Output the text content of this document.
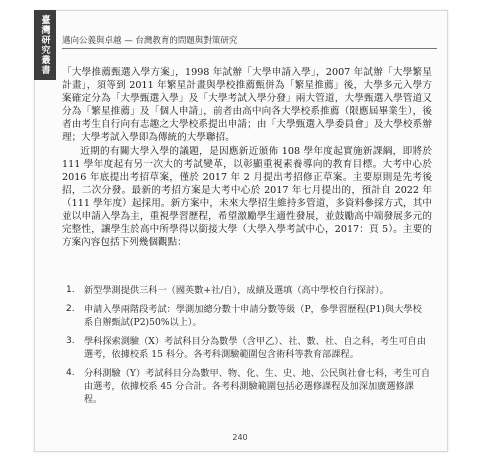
臺灣研究叢書 邁向公義與卓越 — 台灣教育的問題與對策研究

「大學推薦甄選入學方案」，1998 年試辦「大學申請入學」，2007 年試辦「大學繁星計畫」，須等到 2011 年繁星計畫與學校推薦甄併為「繁星推薦」後，大學多元入學方案確定分為「大學甄選入學」及「大學考試入學分發」兩大管道，大學甄選入學管道又分為「繁星推薦」及「個人申請」，前者由高中向各大學校系推薦（限應屆畢業生），後者由考生自行向有志趣之大學校系提出申請；由「大學甄選入學委員會」及大學校系辦理；大學考試入學即為傳統的大學聯招。

近期的有關大學入學的議題，是因應新近頒佈 108 學年度起實施新課綱，即將於 111 學年度起有另一次大的考試變革，以彰顯重視素養導向的教育目標。大考中心於 2016 年底提出考招草案，僅於 2017 年 2 月提出考招修正草案。主要原則是先考後招，二次分發。最新的考招方案是大考中心於 2017 年七月提出的，預計自 2022 年（111 學年度）起採用。新方案中，未來大學招生維持多管道，多資料參採方式，其中並以申請入學為主，重視學習歷程，希望激勵學生適性發展，並鼓勵高中端發展多元的完整性，讓學生於高中所學得以銜接大學（大學入學考試中心，2017：頁 5）。主要的方案內容包括下列幾個觀點：

1.	新型學測提供三科一（國英數+社/自），成績及選填（高中學校自行探討）。
2.	申請入學兩階段考試：學測加總分數十申請分數等級（P，參學習歷程(P1)與大學校系自辦甄試(P2)50%以上）。
3.	學科探索測驗（X）考試科目分為數學（含甲乙）、社、數、社、自之科，考生可自由選考，依據校系 15 科分。各考科測驗範圍包含術科等教育部課程。
4.	分科測驗（Y）考試科目分為數甲、物、化、生、史、地、公民與社會七科，考生可自由選考，依據校系 45 分合計。各考科測驗範圍包括必選修課程及加深加廣選修課程。
240
